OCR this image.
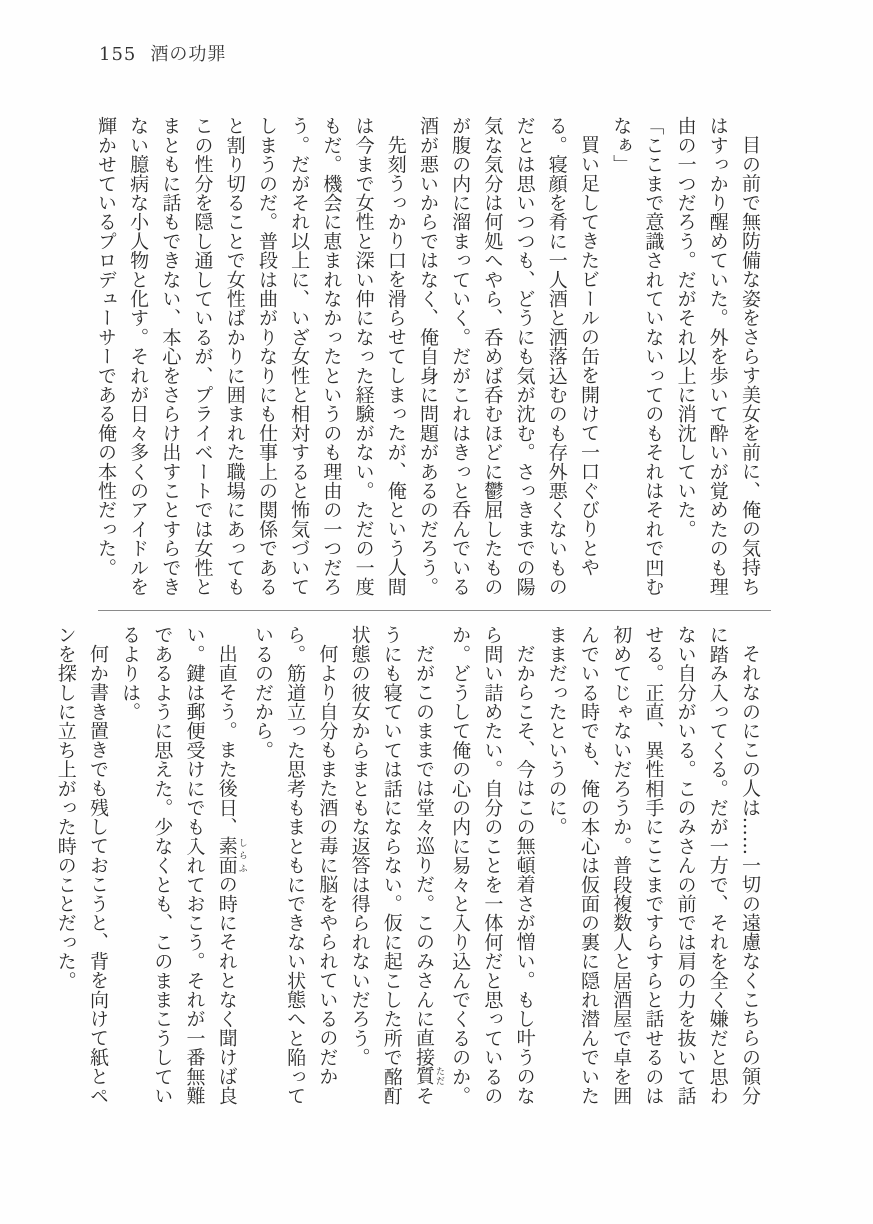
155 酒の功罪

目の前で無防備な姿をさらす美女を前に、俺の気持ちはすっかり醒めていた。外を歩いて酔いが覚めたのも理由の一つだろう。だがそれ以上に消沈していた。

「ここまで意識されていないってのもそれはそれで凹むなぁ」

買い足してきたビールの缶を開けて一口ぐびりとやる。寝顔を肴に一人酒と洒落込むのも存外悪くないものだとは思いつつも、どうにも気が沈む。さっきまでの陽気な気分は何処へやら、呑めば呑むほどに鬱屈したものが腹の内に溜まっていく。だがこれはきっと呑んでいる酒が悪いからではなく、俺自身に問題があるのだろう。

先刻うっかり口を滑らせてしまったが、俺という人間は今まで女性と深い仲になった経験がない。ただの一度もだ。機会に恵まれなかったというのも理由の一つだろう。だがそれ以上に、いざ女性と相対すると怖気づいてしまうのだ。普段は曲がりなりにも仕事上の関係であると割り切ることで女性ばかりに囲まれた職場にあってもこの性分を隠し通しているが、プライベートでは女性とまともに話もできない、本心をさらけ出すことすらできない臆病な小人物と化す。それが日々多くのアイドルを輝かせているプロデューサーである俺の本性だった。

それなのにこの人は……一切の遠慮なくこちらの領分に踏み入ってくる。だが一方で、それを全く嫌だと思わない自分がいる。このみさんの前では肩の力を抜いて話せる。正直、異性相手にここまですらすらと話せるのは初めてじゃないだろうか。普段複数人と居酒屋で卓を囲んでいる時でも、俺の本心は仮面の裏に隠れ潜んでいたままだったというのに。

だからこそ、今はこの無頓着さが憎い。もし叶うのなら問い詰めたい。自分のことを一体何だと思っているのか。どうして俺の心の内に易々と入り込んでくるのか。

だがこのままでは堂々巡りだ。このみさんに直接質 ただそうにも寝ていては話にならない。仮に起こした所で酩酊状態の彼女からまともな返答は得られないだろう。

何より自分もまた酒の毒に脳をやられているのだから。筋道立った思考もまともにできない状態へと陥っているのだから。

出直そう。また後日、素面 しらふの時にそれとなく聞けば良い。鍵は郵便受けにでも入れておこう。それが一番無難であるように思えた。少なくとも、このままこうしているよりは。

何か書き置きでも残しておこうと、背を向けて紙とペンを探しに立ち上がった時のことだった。
